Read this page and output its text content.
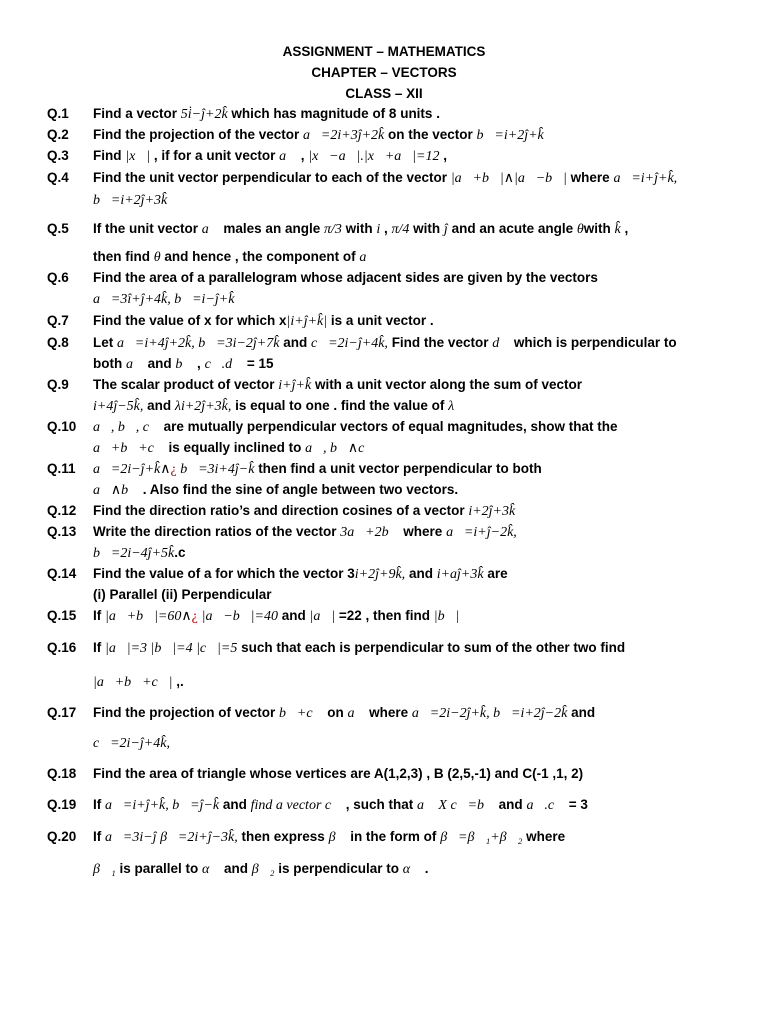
ASSIGNMENT – MATHEMATICS
CHAPTER – VECTORS
CLASS – XII
Q.1 Find a vector 5i̇−ĵ+2k̂ which has magnitude of 8 units .
Q.2 Find the projection of the vector a⃗=2i+3ĵ+2k̂ on the vector b⃗=i+2ĵ+k̂
Q.3 Find |x⃗| , if for a unit vector a⃗ , |x⃗−a⃗|.|x⃗+a⃗|=12 ,
Q.4 Find the unit vector perpendicular to each of the vector |a⃗+b⃗|∧|a⃗−b⃗| where a⃗=i+ĵ+k̂,
b⃗=i+2ĵ+3k̂
Q.5 If the unit vector a⃗ males an angle π/3 with i , π/4 with ĵ and an acute angle θwith k̂ ,
then find θ and hence , the component of a⃗
Q.6 Find the area of a parallelogram whose adjacent sides are given by the vectors
a⃗=3î+ĵ+4k̂, b⃗=i−ĵ+k̂
Q.7 Find the value of x for which x|i+ĵ+k̂| is a unit vector .
Q.8 Let a⃗=i+4ĵ+2k̂, b⃗=3i−2ĵ+7k̂ and c⃗=2i−ĵ+4k̂, Find the vector d⃗ which is perpendicular to
both a⃗ and b⃗ , c⃗.d⃗ = 15
Q.9 The scalar product of vector i+ĵ+k̂ with a unit vector along the sum of vector
i+4ĵ−5k̂, and λi+2ĵ+3k̂, is equal to one . find the value of λ
Q.10 a⃗, b⃗, c⃗ are mutually perpendicular vectors of equal magnitudes, show that the
a⃗+b⃗+c⃗ is equally inclined to a⃗, b⃗∧c⃗
Q.11 a⃗=2i−ĵ+k̂∧¿ b⃗=3i+4ĵ−k̂ then find a unit vector perpendicular to both
a⃗∧b⃗ . Also find the sine of angle between two vectors.
Q.12 Find the direction ratio’s and direction cosines of a vector i+2ĵ+3k̂
Q.13 Write the direction ratios of the vector 3a⃗+2b⃗ where a⃗=i+ĵ−2k̂,
b⃗=2i−4ĵ+5k̂.c
Q.14 Find the value of a for which the vector 3i+2ĵ+9k̂, and i+aĵ+3k̂ are
(i) Parallel (ii) Perpendicular
Q.15 If |a⃗+b⃗|=60∧¿ |a⃗−b⃗|=40 and |a⃗| =22 , then find |b⃗|
Q.16 If |a⃗|=3 |b⃗|=4 |c⃗|=5 such that each is perpendicular to sum of the other two find
|a⃗+b⃗+c⃗| ,.
Q.17 Find the projection of vector b⃗+c⃗ on a⃗ where a⃗=2i−2ĵ+k̂, b⃗=i+2ĵ−2k̂ and
c⃗=2i−ĵ+4k̂,
Q.18 Find the area of triangle whose vertices are A(1,2,3) , B (2,5,-1) and C(-1 ,1, 2)
Q.19 If a⃗=i+ĵ+k̂, b⃗=ĵ−k̂ and find a vector c⃗ , such that a⃗ X c⃗=b⃗ and a⃗.c⃗ = 3
Q.20 If a⃗=3i−ĵ β⃗=2i+ĵ−3k̂, then express β⃗ in the form of β⃗=β⃗₁+β⃗₂ where
β⃗₁ is parallel to α⃗ and β⃗₂ is perpendicular to α⃗ .
